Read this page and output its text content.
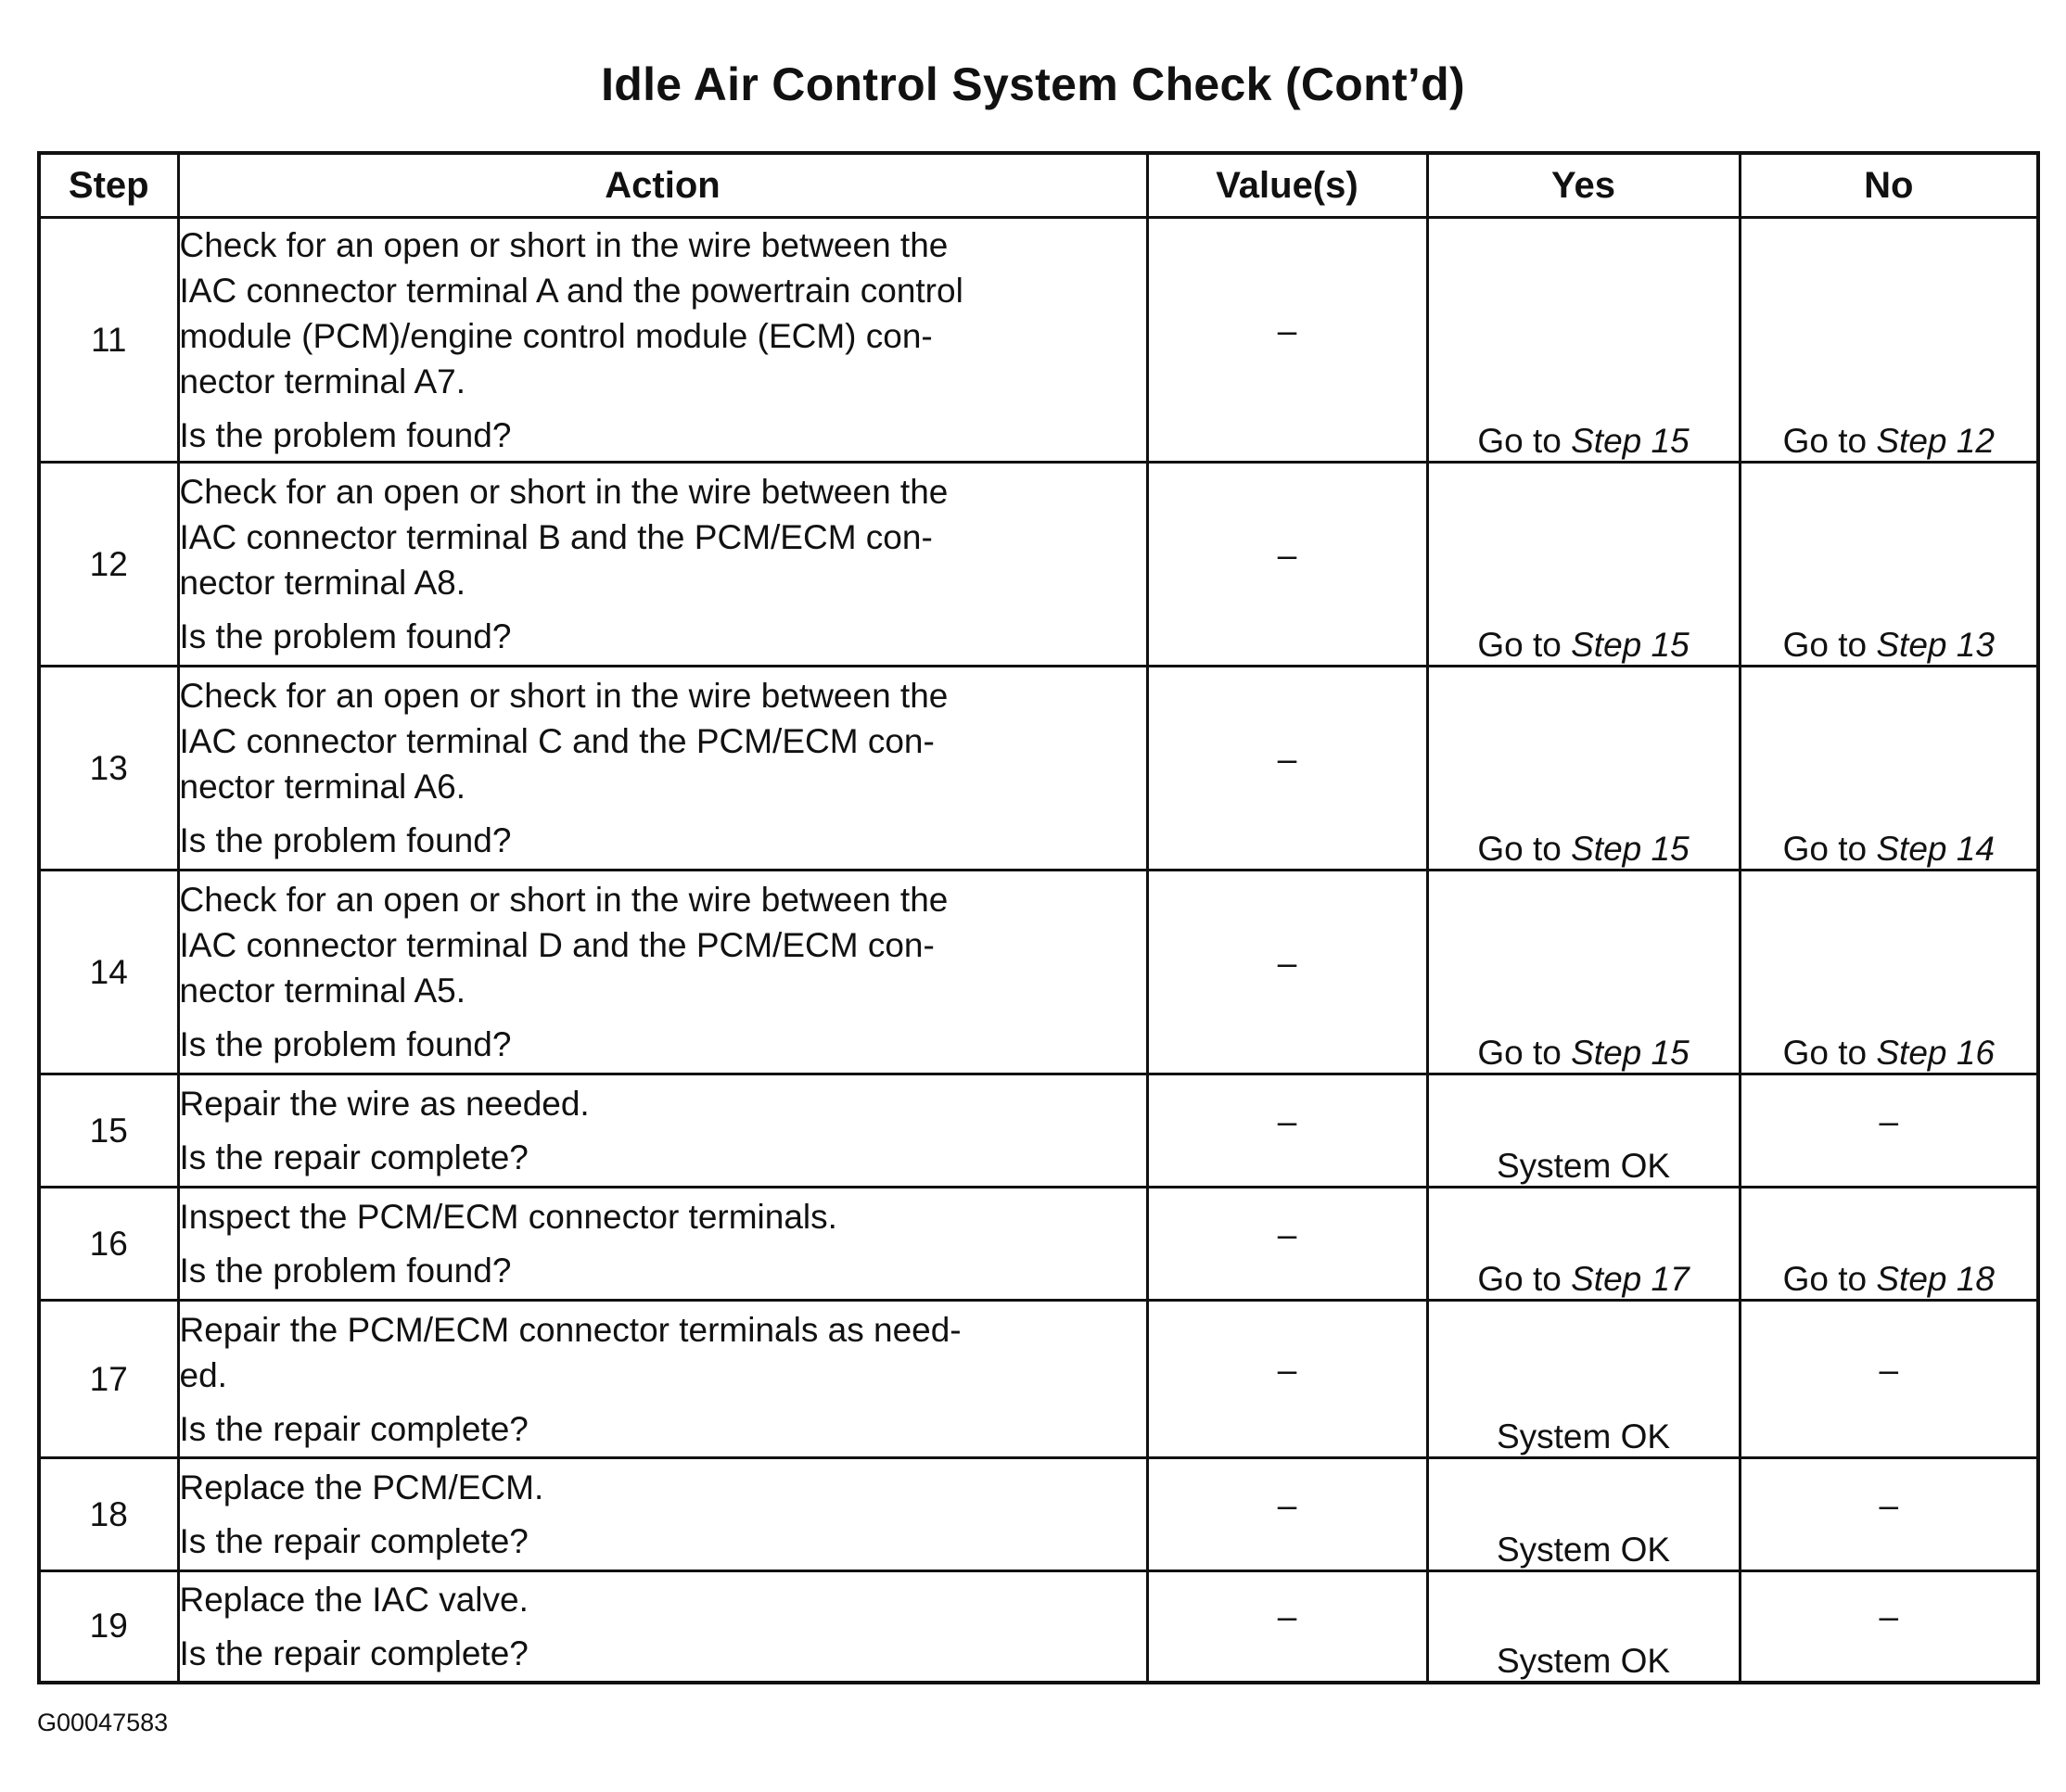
Idle Air Control System Check (Cont’d)
Step	Action	Value(s)	Yes	No
11	Check for an open or short in the wire between the
IAC connector terminal A and the powertrain control
module (PCM)/engine control module (ECM) con-
nector terminal A7.
Is the problem found?	–	Go to Step 15	Go to Step 12
12	Check for an open or short in the wire between the
IAC connector terminal B and the PCM/ECM con-
nector terminal A8.
Is the problem found?	–	Go to Step 15	Go to Step 13
13	Check for an open or short in the wire between the
IAC connector terminal C and the PCM/ECM con-
nector terminal A6.
Is the problem found?	–	Go to Step 15	Go to Step 14
14	Check for an open or short in the wire between the
IAC connector terminal D and the PCM/ECM con-
nector terminal A5.
Is the problem found?	–	Go to Step 15	Go to Step 16
15	Repair the wire as needed.
Is the repair complete?	–	System OK	–
16	Inspect the PCM/ECM connector terminals.
Is the problem found?	–	Go to Step 17	Go to Step 18
17	Repair the PCM/ECM connector terminals as need-
ed.
Is the repair complete?	–	System OK	–
18	Replace the PCM/ECM.
Is the repair complete?	–	System OK	–
19	Replace the IAC valve.
Is the repair complete?	–	System OK	–
G00047583
